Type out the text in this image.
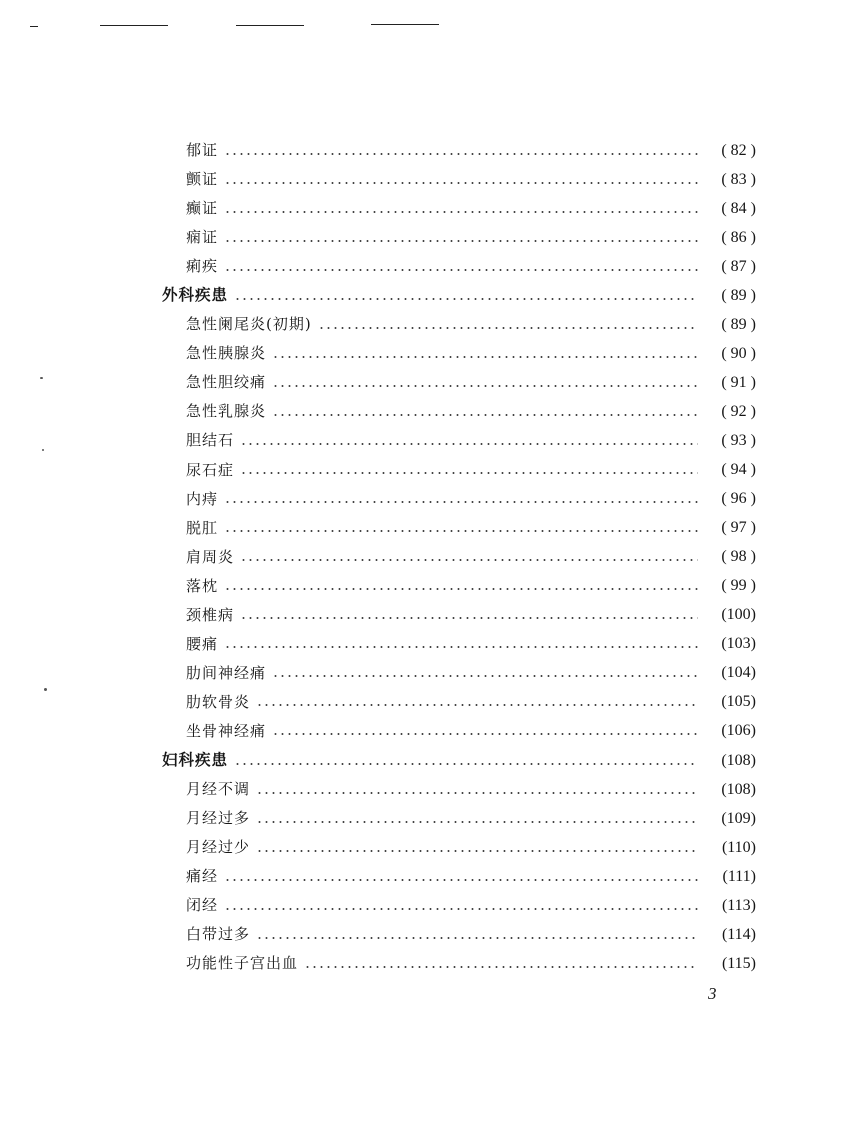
郁证	( 82 )
颤证	( 83 )
癫证	( 84 )
痫证	( 86 )
痢疾	( 87 )
外科疾患	( 89 )
急性阑尾炎(初期)	( 89 )
急性胰腺炎	( 90 )
急性胆绞痛	( 91 )
急性乳腺炎	( 92 )
胆结石	( 93 )
尿石症	( 94 )
内痔	( 96 )
脱肛	( 97 )
肩周炎	( 98 )
落枕	( 99 )
颈椎病	(100)
腰痛	(103)
肋间神经痛	(104)
肋软骨炎	(105)
坐骨神经痛	(106)
妇科疾患	(108)
月经不调	(108)
月经过多	(109)
月经过少	(110)
痛经	(111)
闭经	(113)
白带过多	(114)
功能性子宫出血	(115)
3
